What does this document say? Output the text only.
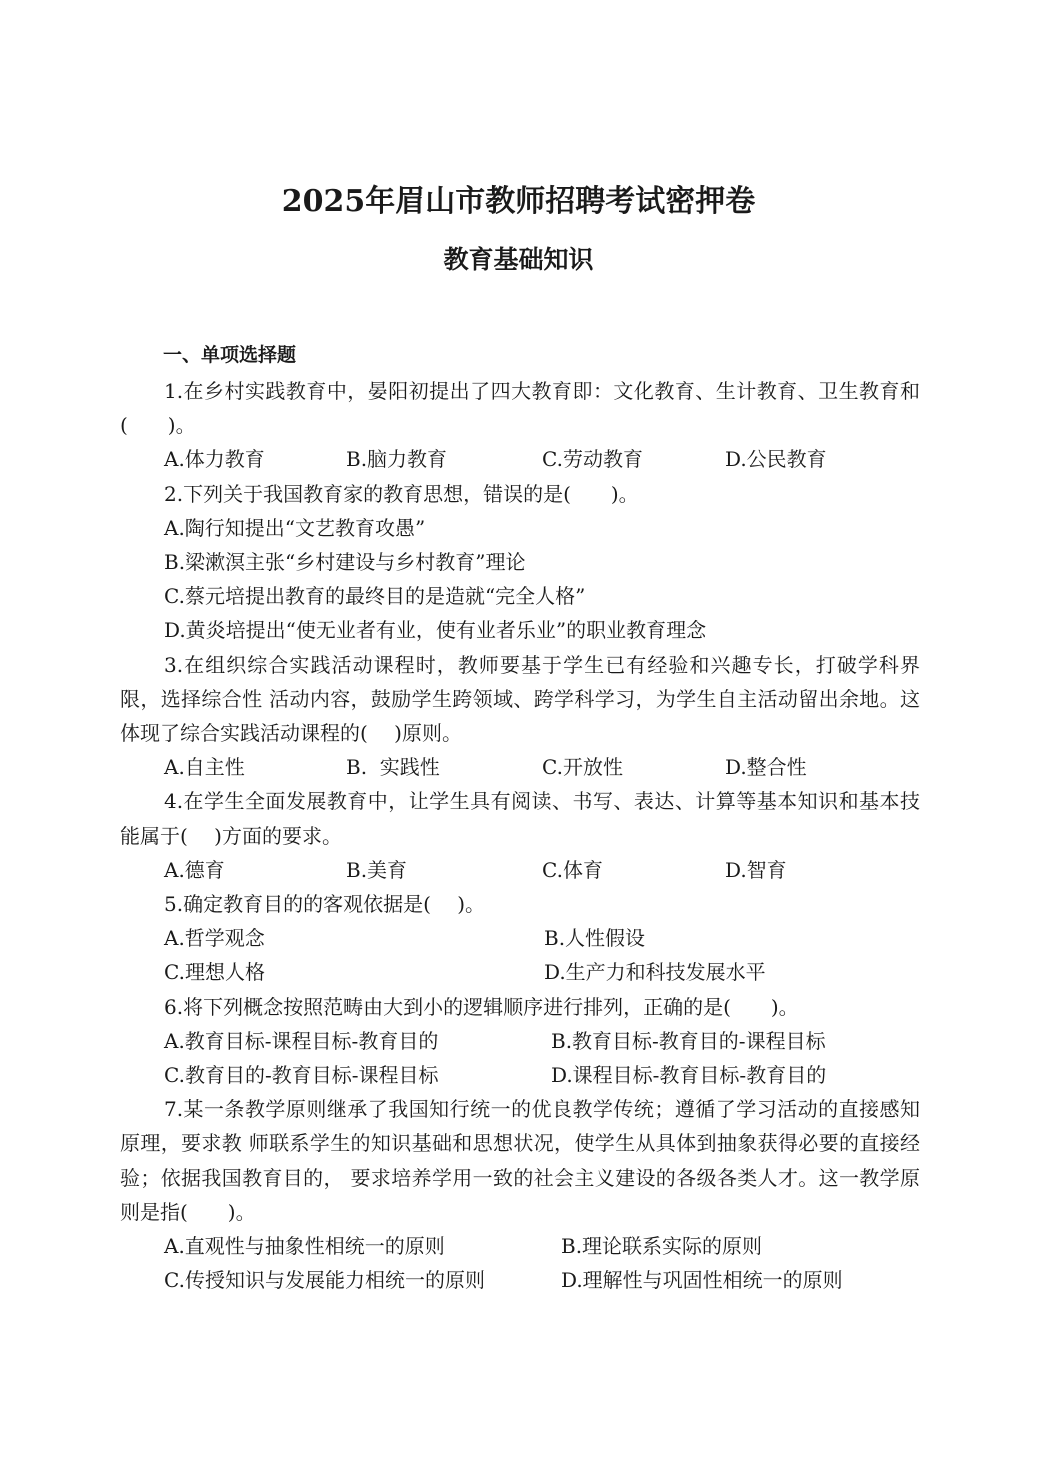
2025年眉山市教师招聘考试密押卷
教育基础知识
一、单项选择题

1.在乡村实践教育中，晏阳初提出了四大教育即：文化教育、生计教育、卫生教育和(　　)。

A.体力教育	B.脑力教育	C.劳动教育	D.公民教育

2.下列关于我国教育家的教育思想，错误的是(　　)。

A.陶行知提出“文艺教育攻愚”
B.梁漱溟主张“乡村建设与乡村教育”理论
C.蔡元培提出教育的最终目的是造就“完全人格”
D.黄炎培提出“使无业者有业，使有业者乐业”的职业教育理念

3.在组织综合实践活动课程时，教师要基于学生已有经验和兴趣专长，打破学科界限，选择综合性 活动内容，鼓励学生跨领域、跨学科学习，为学生自主活动留出余地。这体现了综合实践活动课程的(　 )原则。

A.自主性	B.  实践性	C.开放性	D.整合性

4.在学生全面发展教育中，让学生具有阅读、书写、表达、计算等基本知识和基本技能属于(　 )方面的要求。

A.德育	B.美育	C.体育	D.智育

5.确定教育目的的客观依据是(　 )。

A.哲学观念	B.人性假设
C.理想人格	D.生产力和科技发展水平

6.将下列概念按照范畴由大到小的逻辑顺序进行排列，正确的是(　　)。

A.教育目标-课程目标-教育目的	B.教育目标-教育目的-课程目标
C.教育目的-教育目标-课程目标	D.课程目标-教育目标-教育目的

7.某一条教学原则继承了我国知行统一的优良教学传统；遵循了学习活动的直接感知原理，要求教 师联系学生的知识基础和思想状况，使学生从具体到抽象获得必要的直接经验；依据我国教育目的， 要求培养学用一致的社会主义建设的各级各类人才。这一教学原则是指(　　)。

A.直观性与抽象性相统一的原则	B.理论联系实际的原则
C.传授知识与发展能力相统一的原则	D.理解性与巩固性相统一的原则
